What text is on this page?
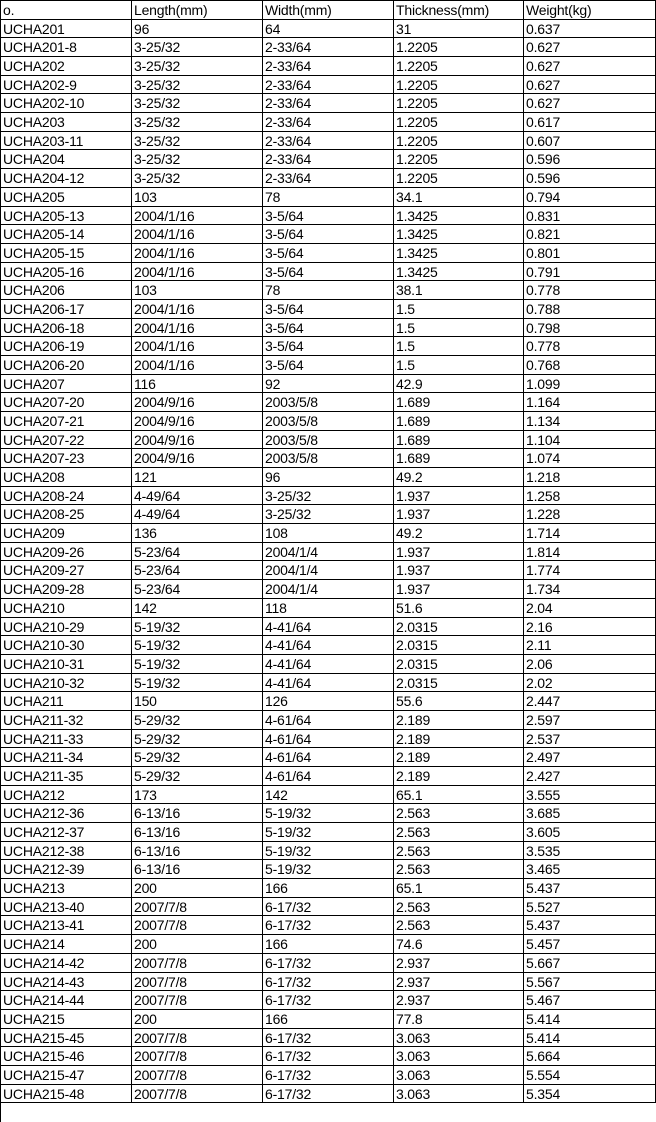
o.	Length(mm)	Width(mm)	Thickness(mm)	Weight(kg)
UCHA201	96	64	31	0.637
UCHA201-8	3-25/32	2-33/64	1.2205	0.627
UCHA202	3-25/32	2-33/64	1.2205	0.627
UCHA202-9	3-25/32	2-33/64	1.2205	0.627
UCHA202-10	3-25/32	2-33/64	1.2205	0.627
UCHA203	3-25/32	2-33/64	1.2205	0.617
UCHA203-11	3-25/32	2-33/64	1.2205	0.607
UCHA204	3-25/32	2-33/64	1.2205	0.596
UCHA204-12	3-25/32	2-33/64	1.2205	0.596
UCHA205	103	78	34.1	0.794
UCHA205-13	2004/1/16	3-5/64	1.3425	0.831
UCHA205-14	2004/1/16	3-5/64	1.3425	0.821
UCHA205-15	2004/1/16	3-5/64	1.3425	0.801
UCHA205-16	2004/1/16	3-5/64	1.3425	0.791
UCHA206	103	78	38.1	0.778
UCHA206-17	2004/1/16	3-5/64	1.5	0.788
UCHA206-18	2004/1/16	3-5/64	1.5	0.798
UCHA206-19	2004/1/16	3-5/64	1.5	0.778
UCHA206-20	2004/1/16	3-5/64	1.5	0.768
UCHA207	116	92	42.9	1.099
UCHA207-20	2004/9/16	2003/5/8	1.689	1.164
UCHA207-21	2004/9/16	2003/5/8	1.689	1.134
UCHA207-22	2004/9/16	2003/5/8	1.689	1.104
UCHA207-23	2004/9/16	2003/5/8	1.689	1.074
UCHA208	121	96	49.2	1.218
UCHA208-24	4-49/64	3-25/32	1.937	1.258
UCHA208-25	4-49/64	3-25/32	1.937	1.228
UCHA209	136	108	49.2	1.714
UCHA209-26	5-23/64	2004/1/4	1.937	1.814
UCHA209-27	5-23/64	2004/1/4	1.937	1.774
UCHA209-28	5-23/64	2004/1/4	1.937	1.734
UCHA210	142	118	51.6	2.04
UCHA210-29	5-19/32	4-41/64	2.0315	2.16
UCHA210-30	5-19/32	4-41/64	2.0315	2.11
UCHA210-31	5-19/32	4-41/64	2.0315	2.06
UCHA210-32	5-19/32	4-41/64	2.0315	2.02
UCHA211	150	126	55.6	2.447
UCHA211-32	5-29/32	4-61/64	2.189	2.597
UCHA211-33	5-29/32	4-61/64	2.189	2.537
UCHA211-34	5-29/32	4-61/64	2.189	2.497
UCHA211-35	5-29/32	4-61/64	2.189	2.427
UCHA212	173	142	65.1	3.555
UCHA212-36	6-13/16	5-19/32	2.563	3.685
UCHA212-37	6-13/16	5-19/32	2.563	3.605
UCHA212-38	6-13/16	5-19/32	2.563	3.535
UCHA212-39	6-13/16	5-19/32	2.563	3.465
UCHA213	200	166	65.1	5.437
UCHA213-40	2007/7/8	6-17/32	2.563	5.527
UCHA213-41	2007/7/8	6-17/32	2.563	5.437
UCHA214	200	166	74.6	5.457
UCHA214-42	2007/7/8	6-17/32	2.937	5.667
UCHA214-43	2007/7/8	6-17/32	2.937	5.567
UCHA214-44	2007/7/8	6-17/32	2.937	5.467
UCHA215	200	166	77.8	5.414
UCHA215-45	2007/7/8	6-17/32	3.063	5.414
UCHA215-46	2007/7/8	6-17/32	3.063	5.664
UCHA215-47	2007/7/8	6-17/32	3.063	5.554
UCHA215-48	2007/7/8	6-17/32	3.063	5.354
